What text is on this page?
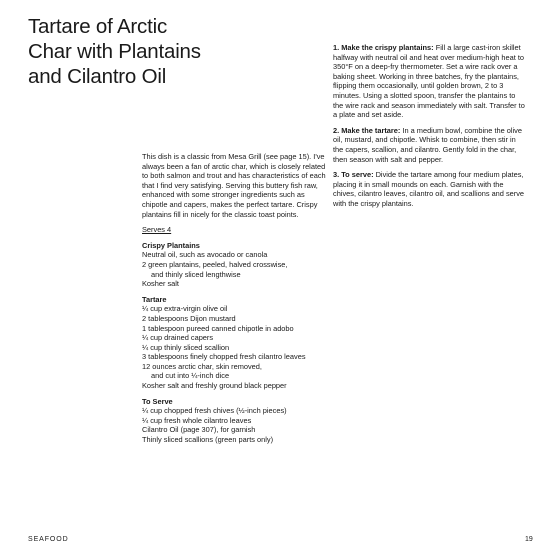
Tartare of Arctic
Char with Plantains
and Cilantro Oil

This dish is a classic from Mesa Grill (see page 15). I've always been a fan of arctic char, which is closely related to both salmon and trout and has characteristics of each that I find very satisfying. Serving this buttery fish raw, enhanced with some stronger ingredients such as chipotle and capers, makes the perfect tartare. Crispy plantains fill in nicely for the classic toast points.

Serves 4

Crispy Plantains

Neutral oil, such as avocado or canola

2 green plantains, peeled, halved crosswise,

and thinly sliced lengthwise

Kosher salt

Tartare

¼ cup extra-virgin olive oil

2 tablespoons Dijon mustard

1 tablespoon pureed canned chipotle in adobo

¼ cup drained capers

¼ cup thinly sliced scallion

3 tablespoons finely chopped fresh cilantro leaves

12 ounces arctic char, skin removed,

and cut into ¼-inch dice

Kosher salt and freshly ground black pepper

To Serve

¼ cup chopped fresh chives (½-inch pieces)

¼ cup fresh whole cilantro leaves

Cilantro Oil (page 307), for garnish

Thinly sliced scallions (green parts only)

1. Make the crispy plantains: Fill a large cast-iron skillet halfway with neutral oil and heat over medium-high heat to 350°F on a deep-fry thermometer. Set a wire rack over a baking sheet. Working in three batches, fry the plantains, flipping them occasionally, until golden brown, 2 to 3 minutes. Using a slotted spoon, transfer the plantains to the wire rack and season immediately with salt. Transfer to a plate and set aside.

2. Make the tartare: In a medium bowl, combine the olive oil, mustard, and chipotle. Whisk to combine, then stir in the capers, scallion, and cilantro. Gently fold in the char, then season with salt and pepper.

3. To serve: Divide the tartare among four medium plates, placing it in small mounds on each. Garnish with the chives, cilantro leaves, cilantro oil, and scallions and serve with the crispy plantains.

SEAFOOD	19
